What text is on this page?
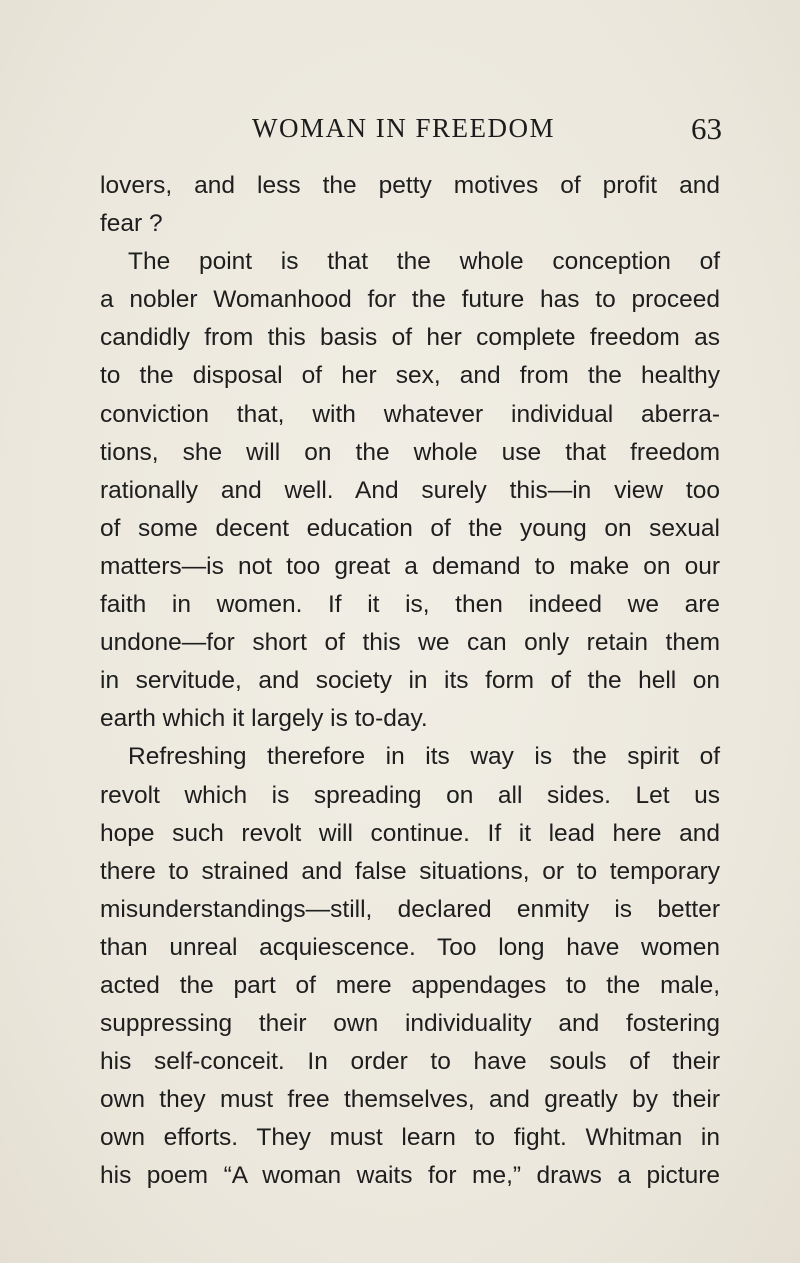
WOMAN IN FREEDOM	63
lovers, and less the petty motives of profit and
fear ?
The point is that the whole conception of
a nobler Womanhood for the future has to proceed
candidly from this basis of her complete freedom as
to the disposal of her sex, and from the healthy
conviction that, with whatever individual aberra-
tions, she will on the whole use that freedom
rationally and well. And surely this—in view too
of some decent education of the young on sexual
matters—is not too great a demand to make on our
faith in women. If it is, then indeed we are
undone—for short of this we can only retain them
in servitude, and society in its form of the hell on
earth which it largely is to-day.
Refreshing therefore in its way is the spirit of
revolt which is spreading on all sides. Let us
hope such revolt will continue. If it lead here and
there to strained and false situations, or to temporary
misunderstandings—still, declared enmity is better
than unreal acquiescence. Too long have women
acted the part of mere appendages to the male,
suppressing their own individuality and fostering
his self-conceit. In order to have souls of their
own they must free themselves, and greatly by their
own efforts. They must learn to fight. Whitman in
his poem “A woman waits for me,” draws a picture
